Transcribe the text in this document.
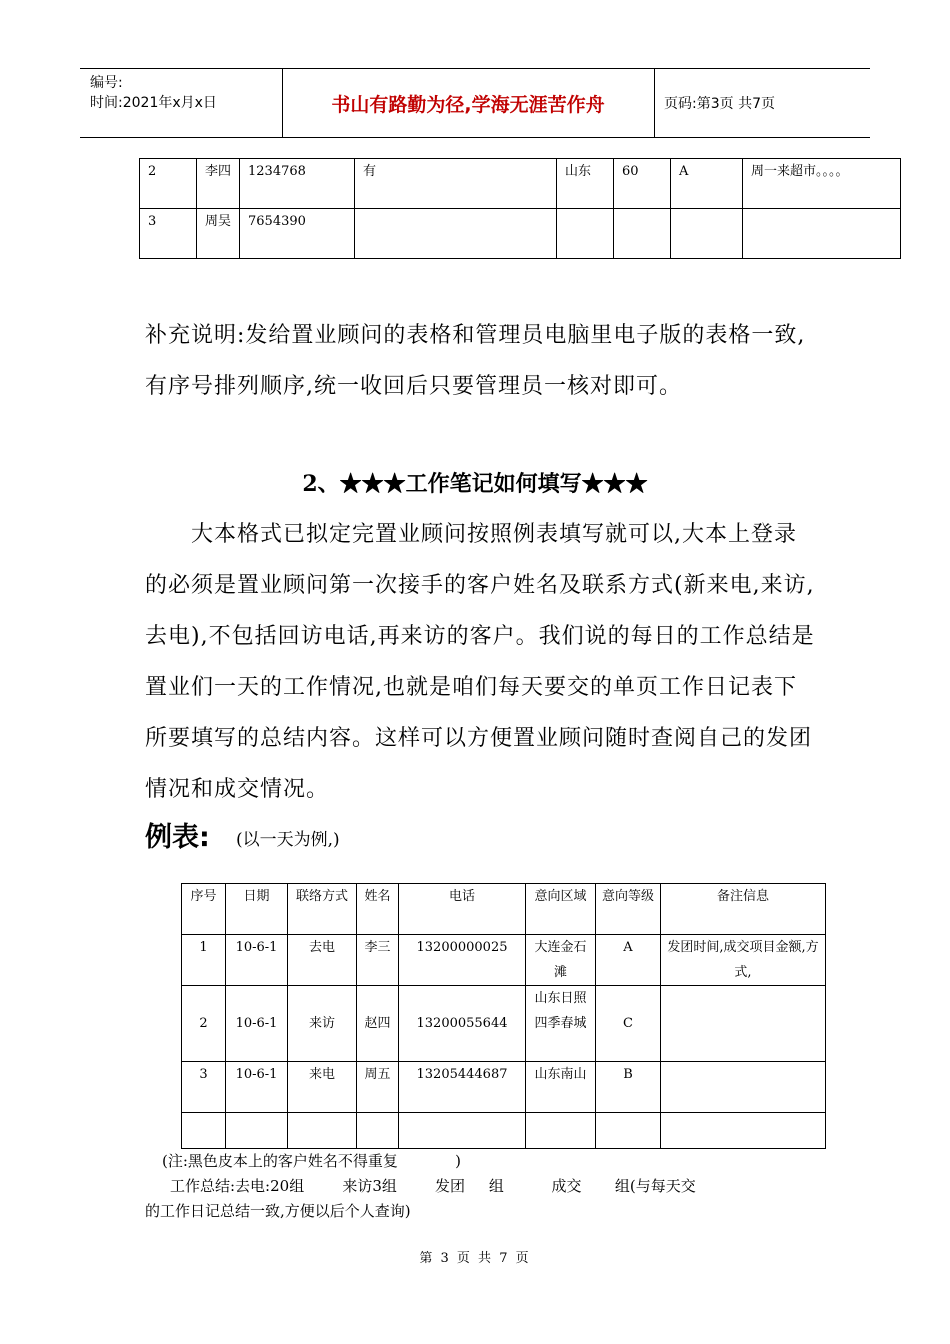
编号:
时间:2021年x月x日	书山有路勤为径,学海无涯苦作舟	页码:第3页 共7页
2	李四	1234768	有	山东	60	A	周一来超市。。。。
3	周吴	7654390					
补充说明:发给置业顾问的表格和管理员电脑里电子版的表格一致,有序号排列顺序,统一收回后只要管理员一核对即可。
2、★★★工作笔记如何填写★★★
大本格式已拟定完置业顾问按照例表填写就可以,大本上登录的必须是置业顾问第一次接手的客户姓名及联系方式(新来电,来访,去电),不包括回访电话,再来访的客户。我们说的每日的工作总结是置业们一天的工作情况,也就是咱们每天要交的单页工作日记表下所要填写的总结内容。这样可以方便置业顾问随时查阅自己的发团情况和成交情况。
例表: (以一天为例,)
序号	日期	联络方式	姓名	电话	意向区域	意向等级	备注信息
1	10-6-1	去电	李三	13200000025	大连金石滩	A	发团时间,成交项目金额,方式,
2	10-6-1	来访	赵四	13200055644	山东日照四季春城	C	
3	10-6-1	来电	周五	13205444687	山东南山	B	

(注:黑色皮本上的客户姓名不得重复            )
工作总结:去电:20组        来访3组        发团     组          成交       组(与每天交
的工作日记总结一致,方便以后个人查询)
第 3 页 共 7 页
